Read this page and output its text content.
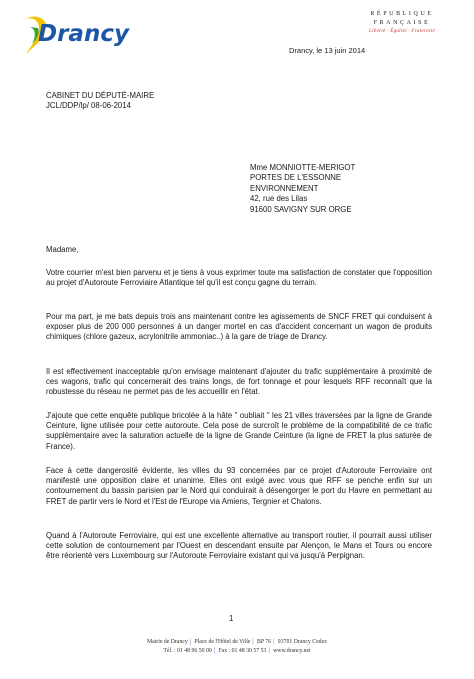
Drancy
RÉPUBLIQUE
FRANÇAISE
Liberté · Égalité · Fraternité
Drancy, le 13 juin 2014
CABINET DU DÉPUTÉ-MAIRE
JCL/DDP/lp/ 08-06-2014
Mme MONNIOTTE-MERIGOT
PORTES DE L'ESSONNE
ENVIRONNEMENT
42, rue des Lilas
91600 SAVIGNY SUR ORGE
Madame,

Votre courrier m'est bien parvenu et je tiens à vous exprimer toute ma satisfaction de constater que l'opposition au projet d'Autoroute Ferroviaire Atlantique tel qu'il est conçu gagne du terrain.

Pour ma part, je me bats depuis trois ans maintenant contre les agissements de SNCF FRET qui conduisent à exposer plus de 200 000 personnes à un danger mortel en cas d'accident concernant un wagon de produits chimiques (chlore gazeux, acrylonitrile ammoniac..) à la gare de triage de Drancy.

Il est effectivement inacceptable qu'on envisage maintenant d'ajouter du trafic supplémentaire à proximité de ces wagons, trafic qui concernerait des trains longs, de fort tonnage et pour lesquels RFF reconnaît que la robustesse du réseau ne permet pas de les accueillir en l'état.

J'ajoute que cette enquête publique bricolée à la hâte " oubliait " les 21 villes traversées par la ligne de Grande Ceinture, ligne utilisée pour cette autoroute. Cela pose de surcroît le problème de la compatibilité de ce trafic supplémentaire avec la saturation actuelle de la ligne de Grande Ceinture (la ligne de FRET la plus saturée de France).

Face à cette dangerosité évidente, les villes du 93 concernées par ce projet d'Autoroute Ferroviaire ont manifesté une opposition claire et unanime. Elles ont exigé avec vous que RFF se penche enfin sur un contournement du bassin parisien par le Nord qui conduirait à désengorger le port du Havre en permettant au FRET de partir vers le Nord et l'Est de l'Europe via Amiens, Tergnier et Chalons.

Quand à l'Autoroute Ferroviaire, qui est une excellente alternative au transport routier, il pourrait aussi utiliser cette solution de contournement par l'Ouest en descendant ensuite par Alençon, le Mans et Tours ou encore être réorienté vers Luxembourg sur l'Autoroute Ferroviaire existant qui va jusqu'à Perpignan.

1
Mairie de Drancy | Place de l'Hôtel de Ville | BP 76 | 93701 Drancy Cedex
Tél. : 01 48 96 50 00 | Fax : 01 48 30 57 53 | www.drancy.net
